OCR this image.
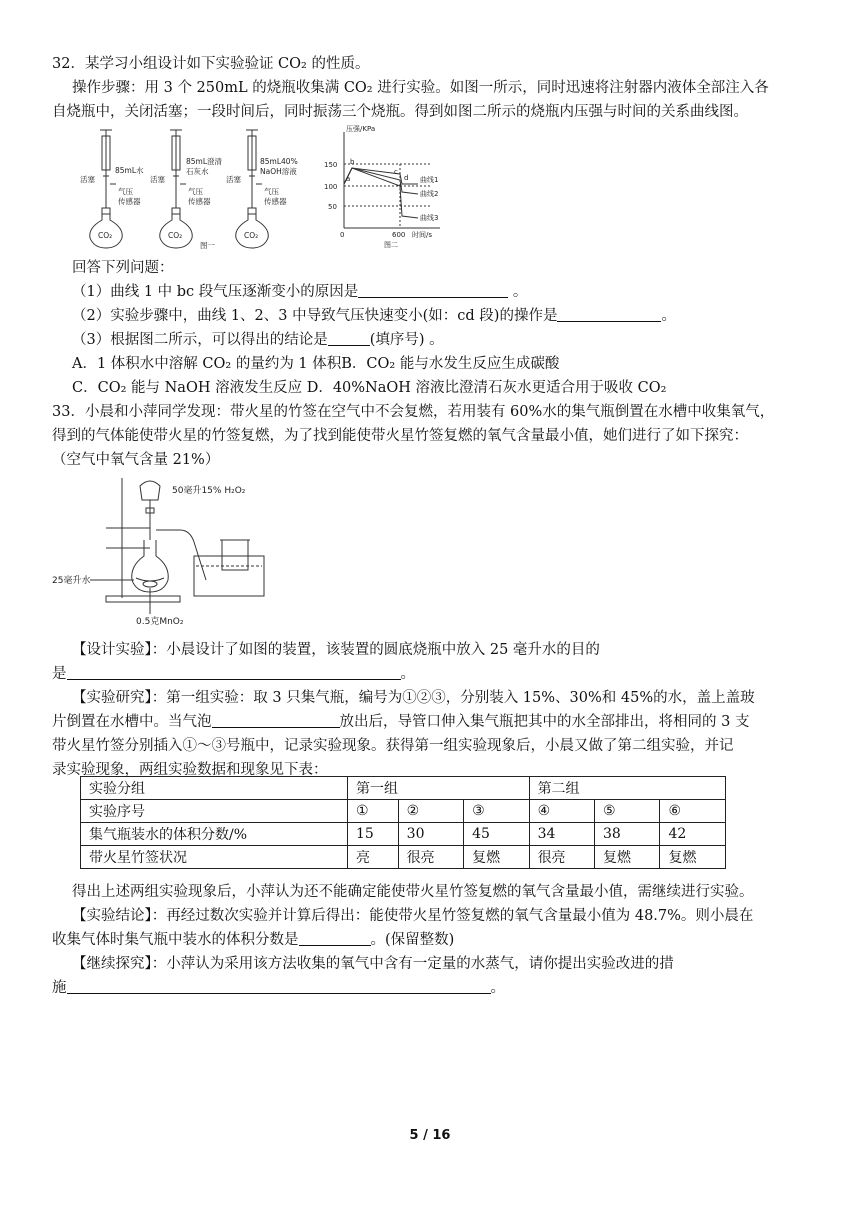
32．某学习小组设计如下实验验证 CO₂ 的性质。
操作步骤：用 3 个 250mL 的烧瓶收集满 CO₂ 进行实验。如图一所示，同时迅速将注射器内液体全部注入各
自烧瓶中，关闭活塞；一段时间后，同时振荡三个烧瓶。得到如图二所示的烧瓶内压强与时间的关系曲线图。
85mL水
活塞
气压
传感器
CO₂
85mL澄清
石灰水
活塞
气压
传感器
CO₂
85mL40%
NaOH溶液
活塞
气压
传感器
CO₂
图一
压强/KPa
150
100
50
0	600 时间/s
a
b
c
d 曲线1
曲线2
曲线3
图二
回答下列问题：
（1）曲线 1 中 bc 段气压逐渐变小的原因是	。
（2）实验步骤中，曲线 1、2、3 中导致气压快速变小(如：cd 段)的操作是	。
（3）根据图二所示，可以得出的结论是	(填序号) 。
A．1 体积水中溶解 CO₂ 的量约为 1 体积B．CO₂ 能与水发生反应生成碳酸
C．CO₂ 能与 NaOH 溶液发生反应 D．40%NaOH 溶液比澄清石灰水更适合用于吸收 CO₂
33．小晨和小萍同学发现：带火星的竹签在空气中不会复燃，若用装有 60%水的集气瓶倒置在水槽中收集氧气，
得到的气体能使带火星的竹签复燃，为了找到能使带火星竹签复燃的氧气含量最小值，她们进行了如下探究：
（空气中氧气含量 21%）
50毫升15% H₂O₂
25毫升水
0.5克MnO₂
【设计实验】：小晨设计了如图的装置，该装置的圆底烧瓶中放入 25 毫升水的目的
是	。
【实验研究】：第一组实验：取 3 只集气瓶，编号为①②③，分别装入 15%、30%和 45%的水，盖上盖玻
片倒置在水槽中。当气泡	放出后，导管口伸入集气瓶把其中的水全部排出，将相同的 3 支
带火星竹签分别插入①～③号瓶中，记录实验现象。获得第一组实验现象后，小晨又做了第二组实验，并记
录实验现象，两组实验数据和现象见下表：
实验分组	第一组			第二组		
实验序号	①	②	③	④	⑤	⑥
集气瓶装水的体积分数/%	15	30	45	34	38	42
带火星竹签状况	亮	很亮	复燃	很亮	复燃	复燃
得出上述两组实验现象后，小萍认为还不能确定能使带火星竹签复燃的氧气含量最小值，需继续进行实验。
【实验结论】：再经过数次实验并计算后得出：能使带火星竹签复燃的氧气含量最小值为 48.7%。则小晨在
收集气体时集气瓶中装水的体积分数是	。(保留整数)
【继续探究】：小萍认为采用该方法收集的氧气中含有一定量的水蒸气，请你提出实验改进的措
施	。
5 / 16
